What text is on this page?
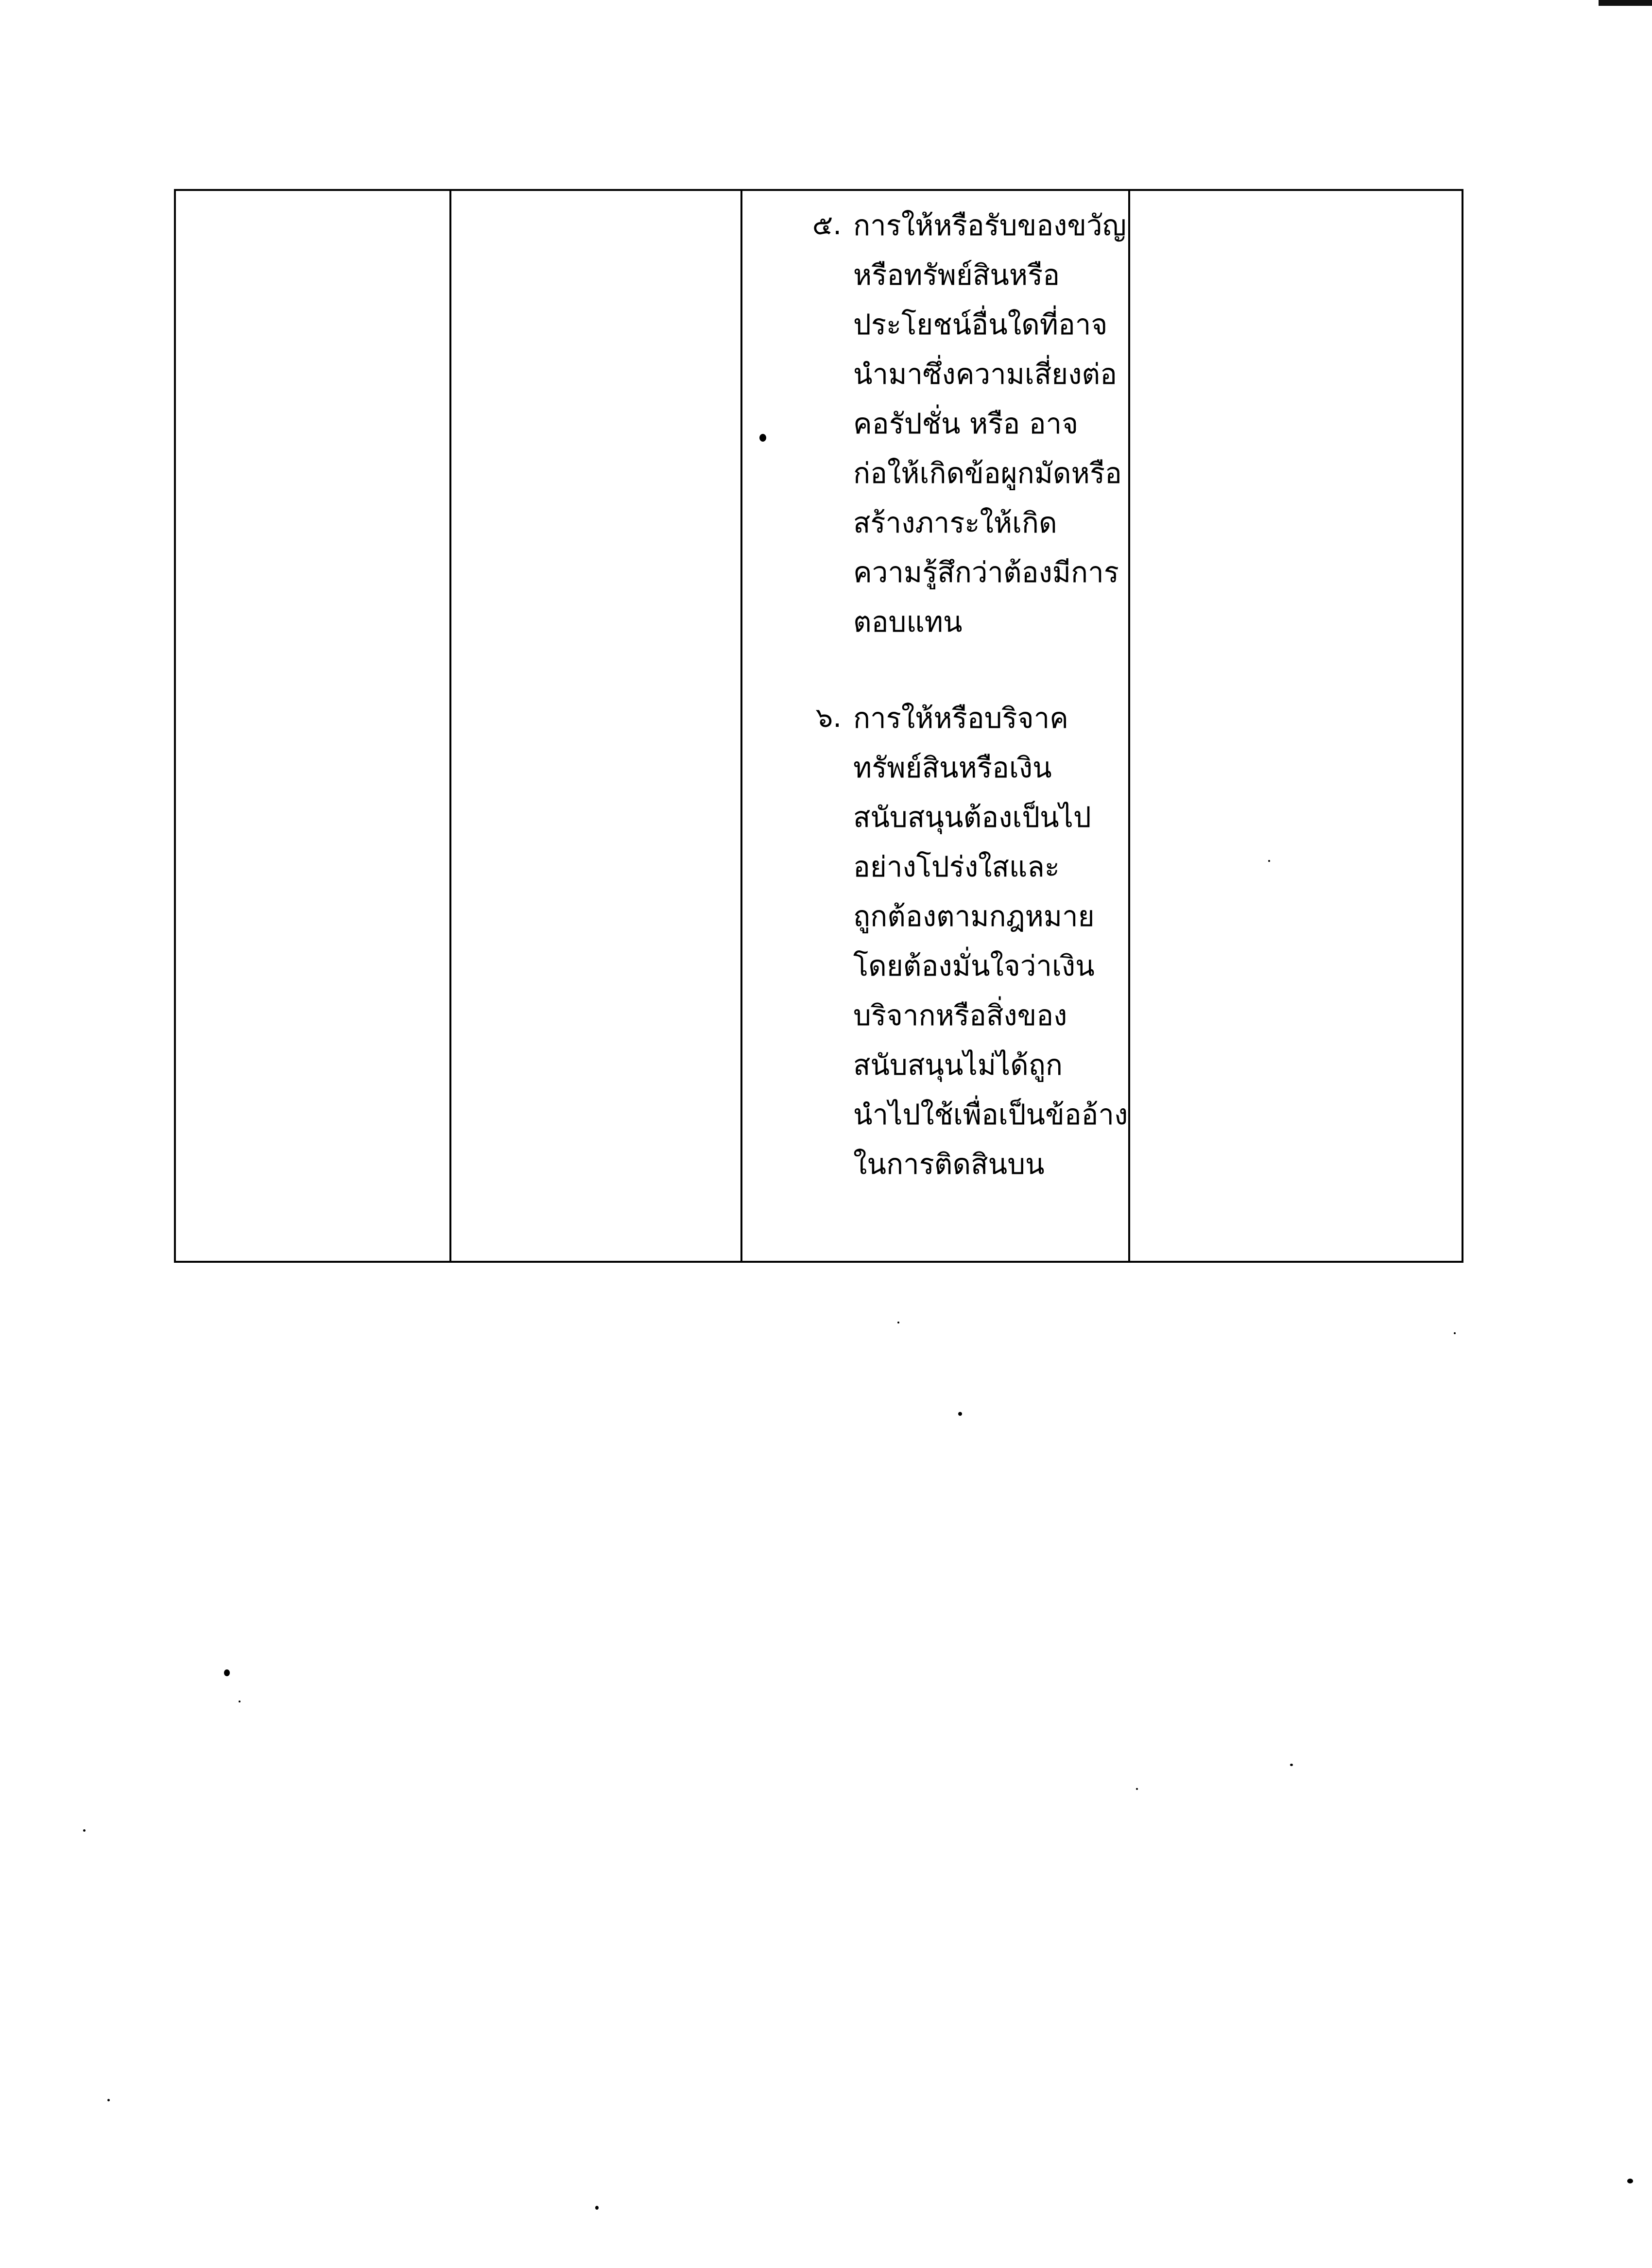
๕. การให้หรือรับของขวัญ
หรือทรัพย์สินหรือ
ประโยชน์อื่นใดที่อาจ
นำมาซึ่งความเสี่ยงต่อ
คอรัปชั่น หรือ อาจ
ก่อให้เกิดข้อผูกมัดหรือ
สร้างภาระให้เกิด
ความรู้สึกว่าต้องมีการ
ตอบแทน
๖. การให้หรือบริจาค
ทรัพย์สินหรือเงิน
สนับสนุนต้องเป็นไป
อย่างโปร่งใสและ
ถูกต้องตามกฎหมาย
โดยต้องมั่นใจว่าเงิน
บริจากหรือสิ่งของ
สนับสนุนไม่ได้ถูก
นำไปใช้เพื่อเป็นข้ออ้าง
ในการติดสินบน
